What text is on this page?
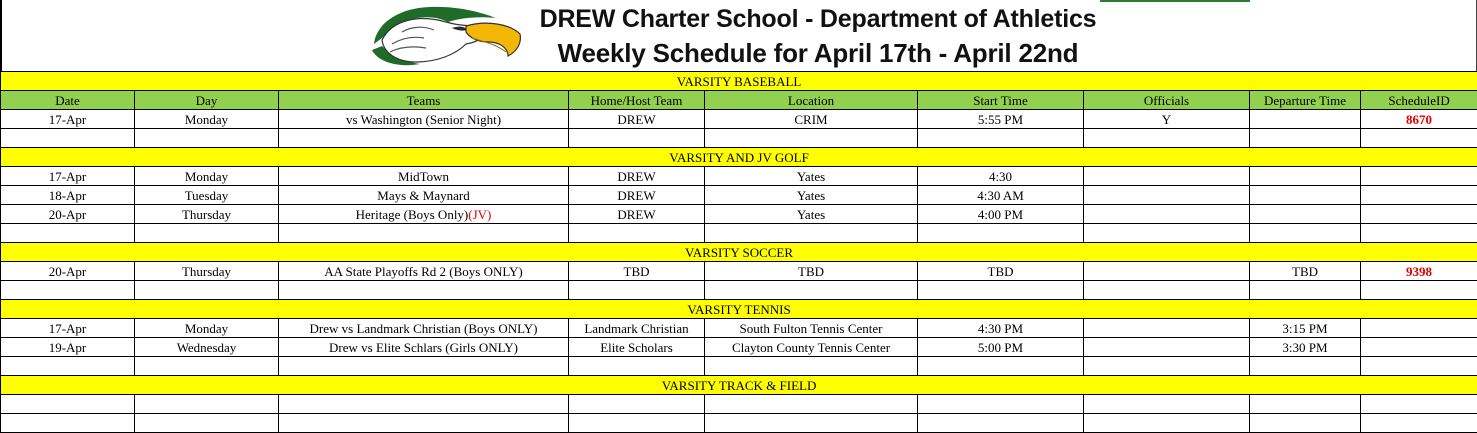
DREW Charter School - Department of Athletics
Weekly Schedule for April 17th - April 22nd
VARSITY BASEBALL								
Date	Day	Teams	Home/Host Team	Location	Start Time	Officials	Departure Time	ScheduleID
17-Apr	Monday	vs Washington (Senior Night)	DREW	CRIM	5:55 PM	Y		8670

VARSITY AND JV GOLF								
17-Apr	Monday	MidTown	DREW	Yates	4:30			
18-Apr	Tuesday	Mays & Maynard	DREW	Yates	4:30 AM			
20-Apr	Thursday	Heritage (Boys Only)(JV)	DREW	Yates	4:00 PM			

VARSITY SOCCER								
20-Apr	Thursday	AA State Playoffs Rd 2 (Boys ONLY)	TBD	TBD	TBD		TBD	9398

VARSITY TENNIS								
17-Apr	Monday	Drew vs Landmark Christian (Boys ONLY)	Landmark Christian	South Fulton Tennis Center	4:30 PM		3:15 PM	
19-Apr	Wednesday	Drew vs Elite Schlars (Girls ONLY)	Elite Scholars	Clayton County Tennis Center	5:00 PM		3:30 PM	

VARSITY TRACK & FIELD								
